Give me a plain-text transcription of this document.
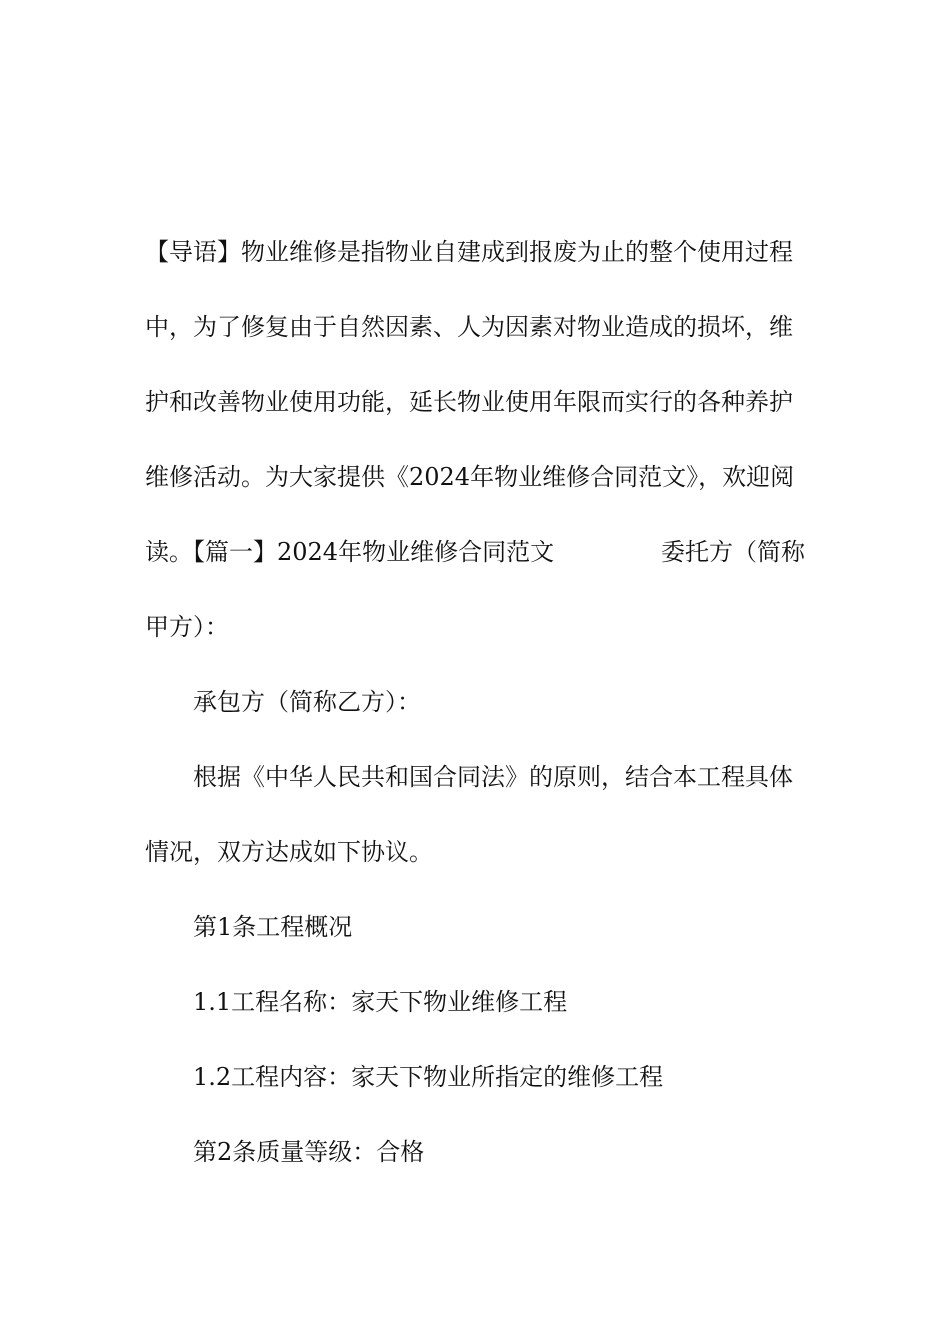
【导语】物业维修是指物业自建成到报废为止的整个使用过程
中，为了修复由于自然因素、人为因素对物业造成的损坏，维
护和改善物业使用功能，延长物业使用年限而实行的各种养护
维修活动。为大家提供《2024年物业维修合同范文》，欢迎阅
读。【篇一】2024年物业维修合同范文	委托方（简称
甲方）：
承包方（简称乙方）：
根据《中华人民共和国合同法》的原则，结合本工程具体
情况，双方达成如下协议。
第1条工程概况
1.1工程名称：家天下物业维修工程
1.2工程内容：家天下物业所指定的维修工程
第2条质量等级：合格
